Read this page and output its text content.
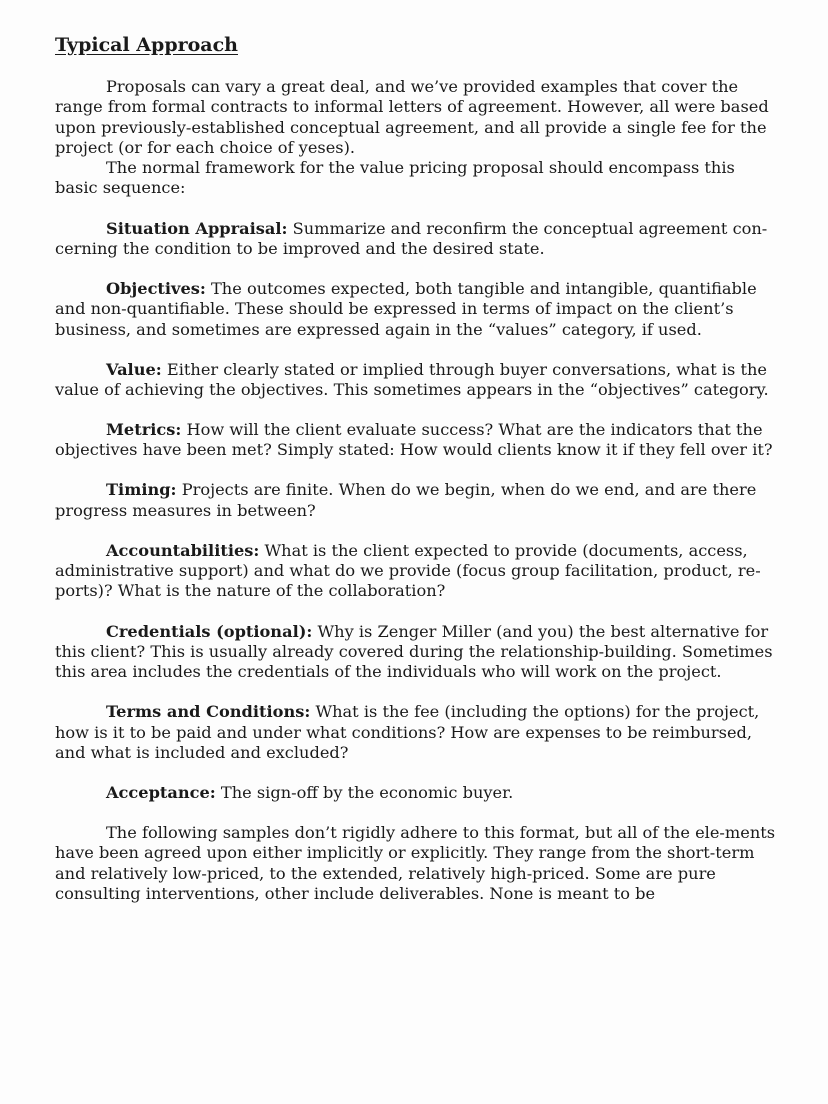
Typical Approach

Proposals can vary a great deal, and we’ve provided examples that cover the range from formal contracts to informal letters of agreement. However, all were based upon previously-established conceptual agreement, and all provide a single fee for the project (or for each choice of yeses).

The normal framework for the value pricing proposal should encompass this basic sequence:

Situation Appraisal: Summarize and reconfirm the conceptual agreement con-cerning the condition to be improved and the desired state.

Objectives: The outcomes expected, both tangible and intangible, quantifiable and non-quantifiable. These should be expressed in terms of impact on the client’s business, and sometimes are expressed again in the “values” category, if used.

Value: Either clearly stated or implied through buyer conversations, what is the value of achieving the objectives. This sometimes appears in the “objectives” category.

Metrics: How will the client evaluate success? What are the indicators that the objectives have been met? Simply stated: How would clients know it if they fell over it?

Timing: Projects are finite. When do we begin, when do we end, and are there progress measures in between?

Accountabilities: What is the client expected to provide (documents, access, administrative support) and what do we provide (focus group facilitation, product, re-ports)? What is the nature of the collaboration?

Credentials (optional): Why is Zenger Miller (and you) the best alternative for this client? This is usually already covered during the relationship-building. Sometimes this area includes the credentials of the individuals who will work on the project.

Terms and Conditions: What is the fee (including the options) for the project, how is it to be paid and under what conditions? How are expenses to be reimbursed, and what is included and excluded?

Acceptance: The sign-off by the economic buyer.

The following samples don’t rigidly adhere to this format, but all of the ele-ments have been agreed upon either implicitly or explicitly. They range from the short-term and relatively low-priced, to the extended, relatively high-priced. Some are pure consulting interventions, other include deliverables. None is meant to be
